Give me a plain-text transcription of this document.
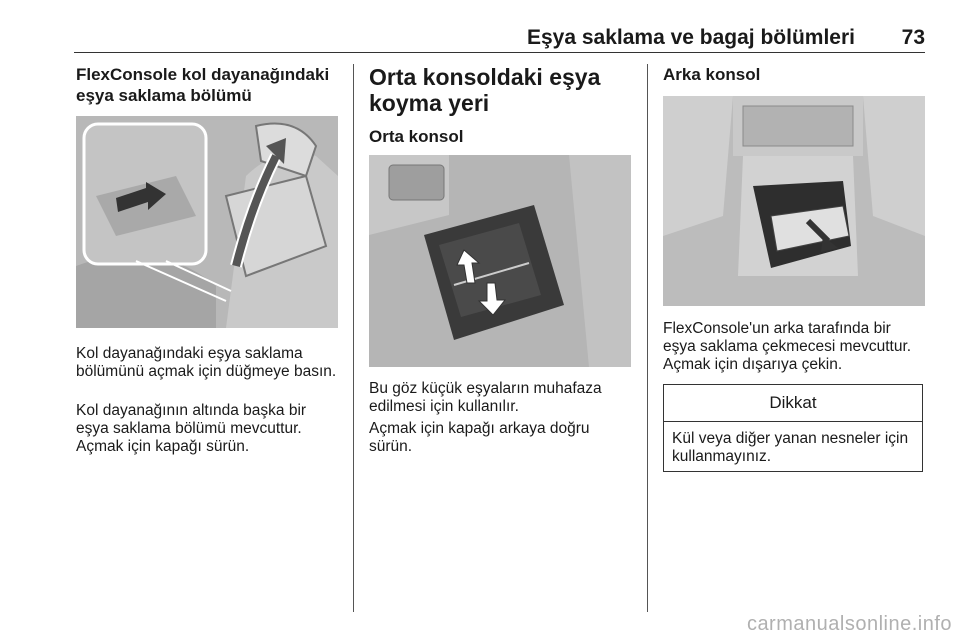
Eşya saklama ve bagaj bölümleri 73
FlexConsole kol dayanağındaki eşya saklama bölümü

Kol dayanağındaki eşya saklama bölümünü açmak için düğmeye basın.

Kol dayanağının altında başka bir eşya saklama bölümü mevcuttur. Açmak için kapağı sürün.

Orta konsoldaki eşya koyma yeri
Orta konsol

Bu göz küçük eşyaların muhafaza edilmesi için kullanılır.

Açmak için kapağı arkaya doğru sürün.

Arka konsol

FlexConsole'un arka tarafında bir eşya saklama çekmecesi mevcuttur. Açmak için dışarıya çekin.

Dikkat
Kül veya diğer yanan nesneler için kullanmayınız.
carmanualsonline.info
